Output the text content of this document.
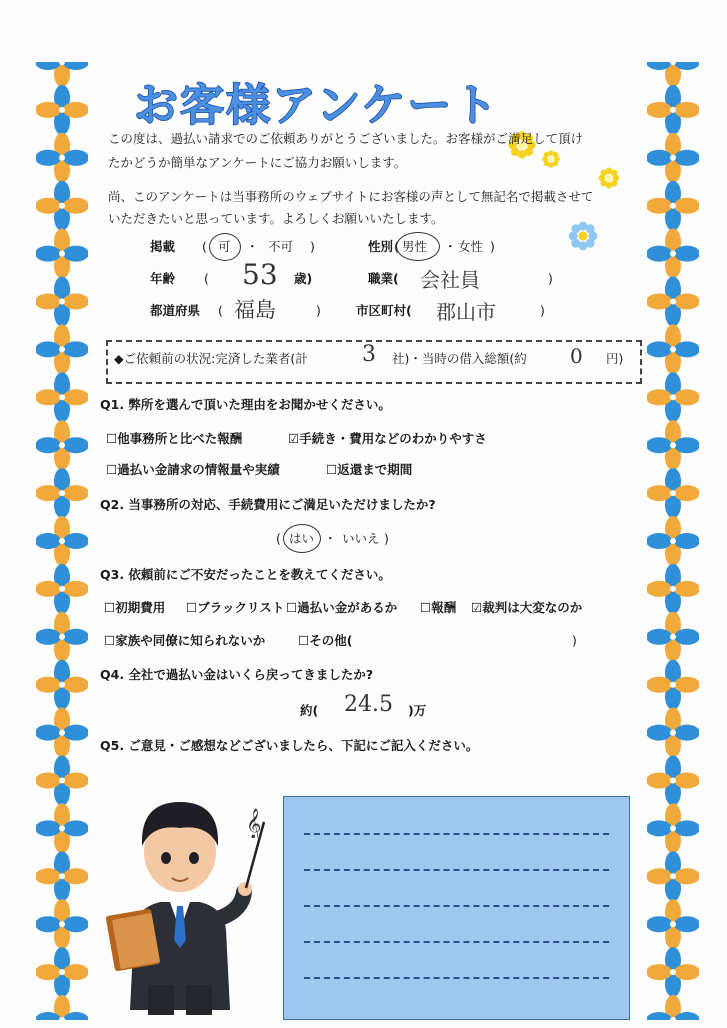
お客様アンケート
この度は、過払い請求でのご依頼ありがとうございました。お客様がご満足して頂け
たかどうか簡単なアンケートにご協力お願いします。
尚、このアンケートは当事務所のウェブサイトにお客様の声として無記名で掲載させて
いただきたいと思っています。よろしくお願いいたします。
掲載 ( 可 ・ 不可 )	性別 ( 男性 ・ 女性 )
年齢 ( 53 歳)	職業( 会社員	)
都道府県 ( 福島	)	市区町村( 郡山市	)
◆ご依頼前の状況:完済した業者(計 3 社)・当時の借入総額(約 0 円)
Q1. 弊所を選んで頂いた理由をお聞かせください。
☐他事務所と比べた報酬	☑手続き・費用などのわかりやすさ
☐過払い金請求の情報量や実績	☐返還まで期間
Q2. 当事務所の対応、手続費用にご満足いただけましたか?
( はい ・ いいえ )
Q3. 依頼前にご不安だったことを教えてください。
☐初期費用 ☐ブラックリスト ☐過払い金があるか ☐報酬 ☑裁判は大変なのか
☐家族や同僚に知られないか	☐その他(	)
Q4. 全社で過払い金はいくら戻ってきましたか?
約( 24.5 )万
Q5. ご意見・ご感想などございましたら、下記にご記入ください。
𝄞
